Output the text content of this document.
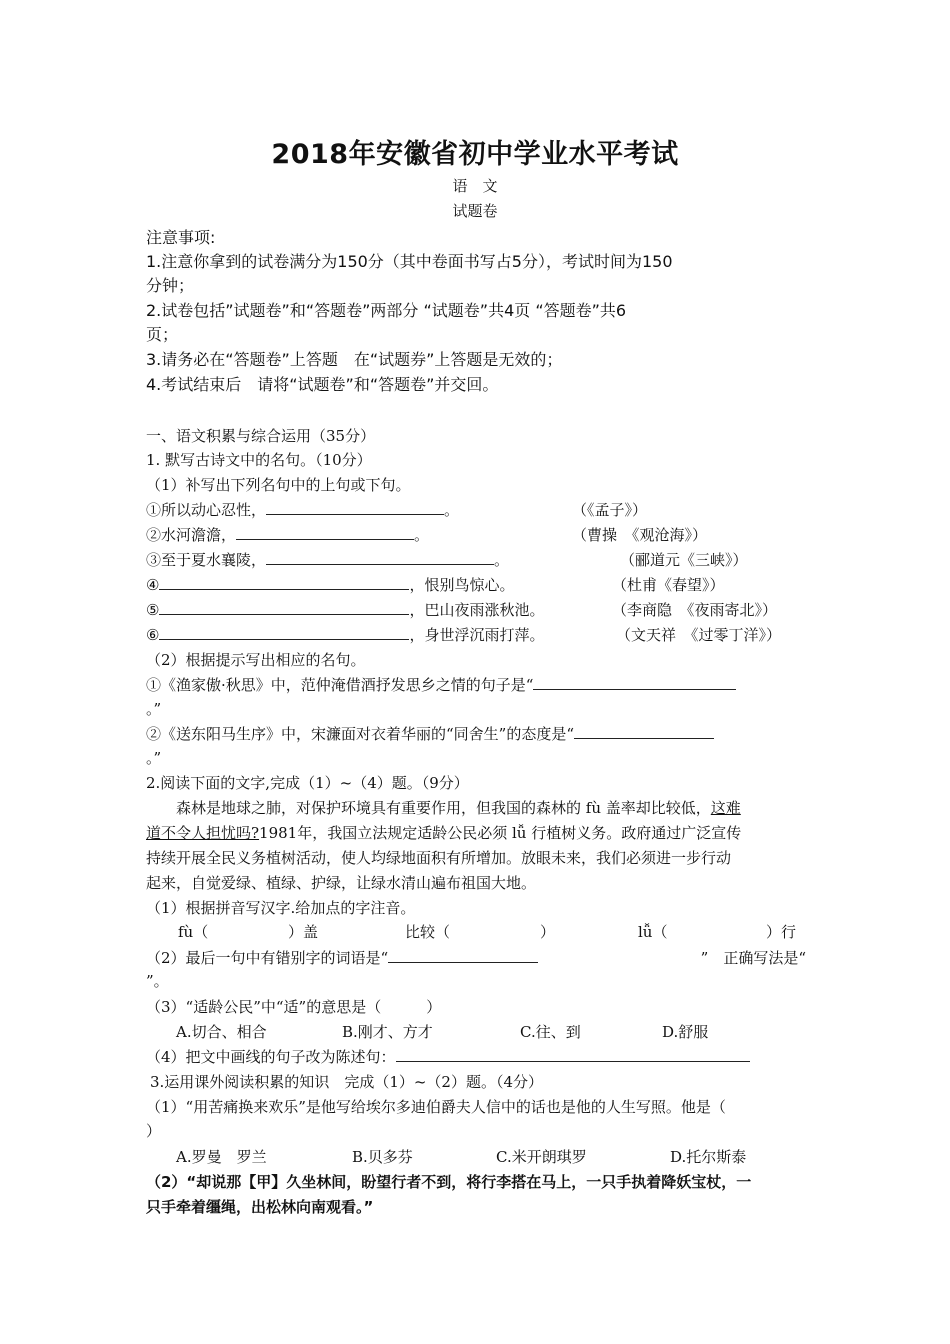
2018年安徽省初中学业水平考试
语　文
试题卷
注意事项:
1.注意你拿到的试卷满分为150分（其中卷面书写占5分），考试时间为150
分钟；
2.试卷包括”试题卷”和“答题卷”两部分 “试题卷”共4页 “答题卷”共6
页；
3.请务必在“答题卷”上答题　在“试题券”上答题是无效的；
4.考试结束后　请将“试题卷”和“答题卷”并交回。
一、语文积累与综合运用（35分）
1. 默写古诗文中的名句。（10分）
（1）补写出下列名句中的上句或下句。
①所以动心忍性，	。	（《孟子》）
②水河澹澹，	。	（曹操　《观沧海》）
③至于夏水襄陵，	。	（郦道元《三峡》）
④	，恨别鸟惊心。	（杜甫《春望》）
⑤	，巴山夜雨涨秋池。	（李商隐　《夜雨寄北》）
⑥	，身世浮沉雨打萍。	（文天祥　《过零丁洋》）
（2）根据提示写出相应的名句。
①《渔家傲·秋思》中，范仲淹借酒抒发思乡之情的句子是“
。”
②《送东阳马生序》中，宋濂面对衣着华丽的“同舍生”的态度是“
。”
2.阅读下面的文字,完成（1）~（4）题。（9分）
森林是地球之肺，对保护环境具有重要作用，但我国的森林的 fù 盖率却比较低，这难
道不令人担忧吗?1981年，我国立法规定适龄公民必须 lǚ 行植树义务。政府通过广泛宣传
持续开展全民义务植树活动，使人均绿地面积有所增加。放眼未来，我们必须进一步行动
起来，自觉爱绿、植绿、护绿，让绿水清山遍布祖国大地。
（1）根据拼音写汉字.给加点的字注音。
fù（	）盖	比较（	）	lǚ（	）行
（2）最后一句中有错别字的词语是“	”　正确写法是“
”。
（3）“适龄公民”中“适”的意思是（　　　）
A.切合、相合	B.刚才、方才	C.往、到	D.舒服
（4）把文中画线的句子改为陈述句：
3.运用课外阅读积累的知识　完成（1）~（2）题。（4分）
（1）“用苦痛换来欢乐”是他写给埃尔多迪伯爵夫人信中的话也是他的人生写照。他是（
）
A.罗曼　罗兰	B.贝多芬	C.米开朗琪罗	D.托尔斯泰
（2）“却说那【甲】久坐林间，盼望行者不到，将行李搭在马上，一只手执着降妖宝杖，一
只手牵着缰绳，出松林向南观看。”
